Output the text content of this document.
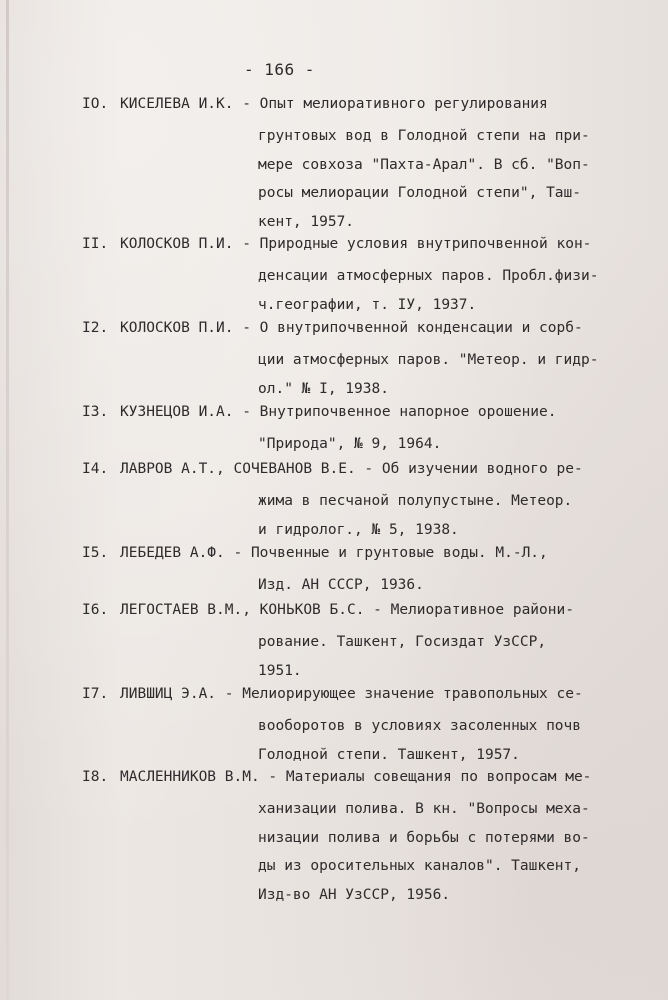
- 166 -
IO. КИСЕЛЕВА И.К. - Опыт мелиоративного регулирования
грунтовых вод в Голодной степи на при-
мере совхоза "Пахта-Арал". В сб. "Воп-
росы мелиорации Голодной степи", Таш-
кент, 1957.
II. КОЛОСКОВ П.И. - Природные условия внутрипочвенной кон-
денсации атмосферных паров. Пробл.физи-
ч.географии, т. IУ, 1937.
I2. КОЛОСКОВ П.И. - О внутрипочвенной конденсации и сорб-
ции атмосферных паров. "Метеор. и гидр-
ол." № I, 1938.
I3. КУЗНЕЦОВ И.А. - Внутрипочвенное напорное орошение.
"Природа", № 9, 1964.
I4. ЛАВРОВ А.Т., СОЧЕВАНОВ В.Е. - Об изучении водного ре-
жима в песчаной полупустыне. Метеор.
и гидролог., № 5, 1938.
I5. ЛЕБЕДЕВ А.Ф. - Почвенные и грунтовые воды. М.-Л.,
Изд. АН СССР, 1936.
I6. ЛЕГОСТАЕВ В.М., КОНЬКОВ Б.С. - Мелиоративное райони-
рование. Ташкент, Госиздат УзССР,
1951.
I7. ЛИВШИЦ Э.А. - Мелиорирующее значение травопольных се-
вооборотов в условиях засоленных почв
Голодной степи. Ташкент, 1957.
I8. МАСЛЕННИКОВ В.М. - Материалы совещания по вопросам ме-
ханизации полива. В кн. "Вопросы меха-
низации полива и борьбы с потерями во-
ды из оросительных каналов". Ташкент,
Изд-во АН УзССР, 1956.
